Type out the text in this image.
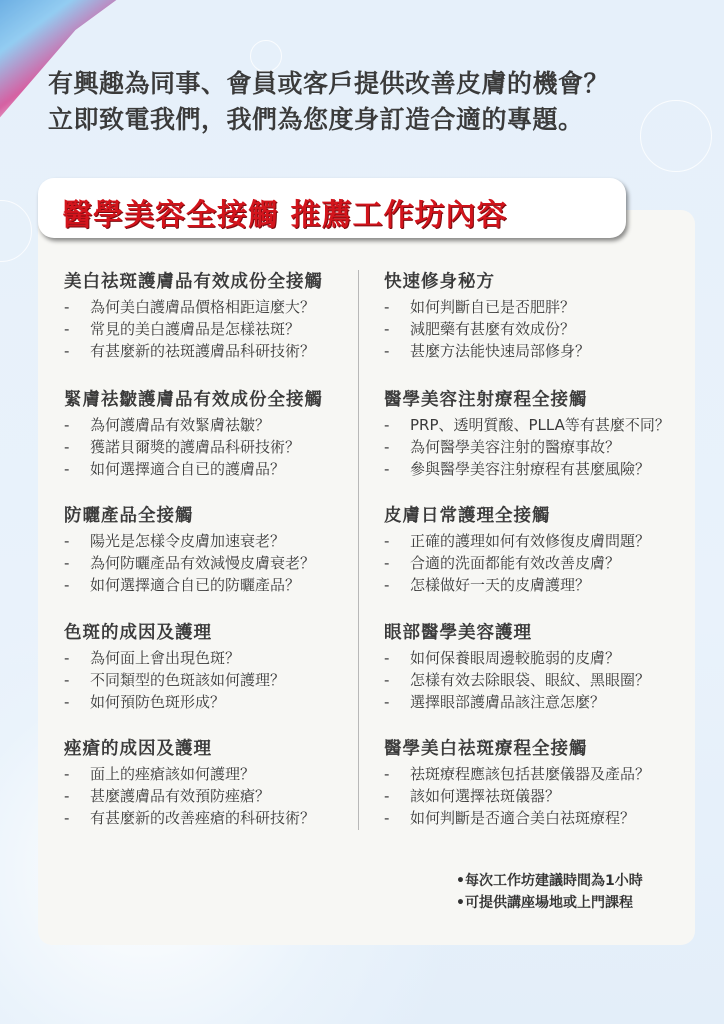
有興趣為同事、會員或客戶提供改善皮膚的機會？
立即致電我們，我們為您度身訂造合適的專題。
醫學美容全接觸 推薦工作坊內容
美白祛斑護膚品有效成份全接觸
- 為何美白護膚品價格相距這麼大？
- 常見的美白護膚品是怎樣祛斑？
- 有甚麼新的祛斑護膚品科研技術？
緊膚祛皺護膚品有效成份全接觸
- 為何護膚品有效緊膚祛皺？
- 獲諾貝爾獎的護膚品科研技術？
- 如何選擇適合自已的護膚品？
防曬產品全接觸
- 陽光是怎樣令皮膚加速衰老？
- 為何防曬產品有效減慢皮膚衰老？
- 如何選擇適合自已的防曬產品？
色斑的成因及護理
- 為何面上會出現色斑？
- 不同類型的色斑該如何護理？
- 如何預防色斑形成？
痤瘡的成因及護理
- 面上的痤瘡該如何護理？
- 甚麼護膚品有效預防痤瘡？
- 有甚麼新的改善痤瘡的科研技術？
快速修身秘方
- 如何判斷自已是否肥胖？
- 減肥藥有甚麼有效成份？
- 甚麼方法能快速局部修身？
醫學美容注射療程全接觸
- PRP、透明質酸、PLLA等有甚麼不同？
- 為何醫學美容注射的醫療事故？
- 參與醫學美容注射療程有甚麼風險？
皮膚日常護理全接觸
- 正確的護理如何有效修復皮膚問題？
- 合適的洗面都能有效改善皮膚？
- 怎樣做好一天的皮膚護理？
眼部醫學美容護理
- 如何保養眼周邊較脆弱的皮膚？
- 怎樣有效去除眼袋、眼紋、黑眼圈？
- 選擇眼部護膚品該注意怎麼？
醫學美白祛斑療程全接觸
- 祛斑療程應該包括甚麼儀器及產品？
- 該如何選擇祛斑儀器？
- 如何判斷是否適合美白祛斑療程？
•每次工作坊建議時間為1小時
•可提供講座場地或上門課程
